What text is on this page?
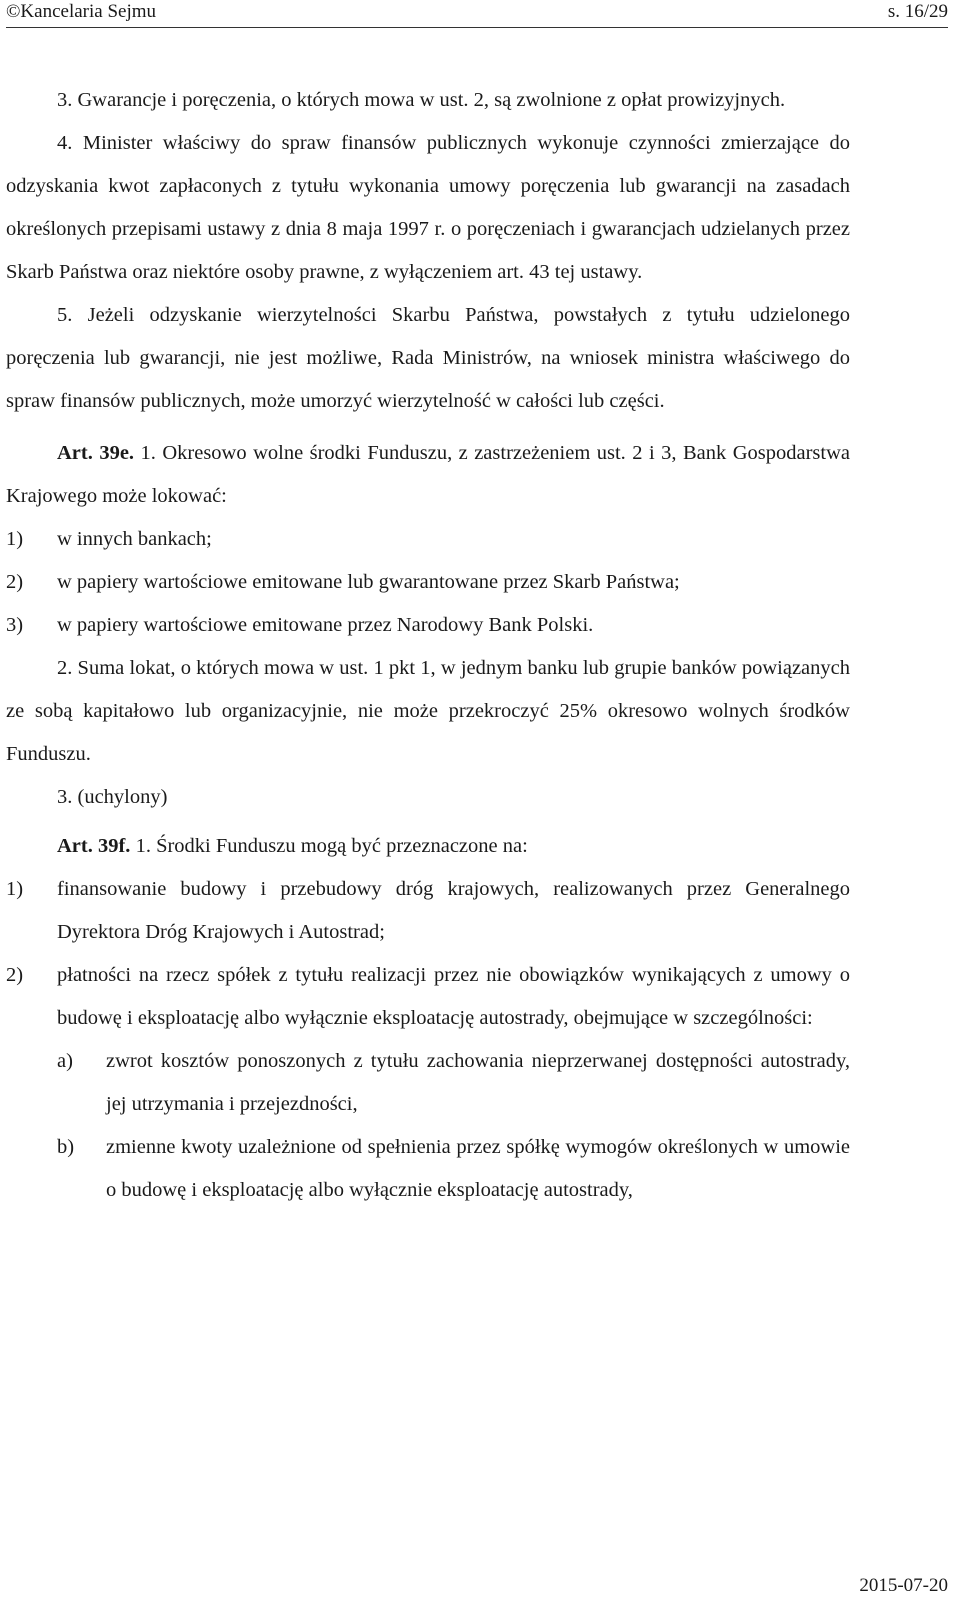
©Kancelaria Sejmu	s. 16/29

3. Gwarancje i poręczenia, o których mowa w ust. 2, są zwolnione z opłat prowizyjnych.

4. Minister właściwy do spraw finansów publicznych wykonuje czynności zmierzające do odzyskania kwot zapłaconych z tytułu wykonania umowy poręczenia lub gwarancji na zasadach określonych przepisami ustawy z dnia 8 maja 1997 r. o poręczeniach i gwarancjach udzielanych przez Skarb Państwa oraz niektóre osoby prawne, z wyłączeniem art. 43 tej ustawy.

5. Jeżeli odzyskanie wierzytelności Skarbu Państwa, powstałych z tytułu udzielonego poręczenia lub gwarancji, nie jest możliwe, Rada Ministrów, na wniosek ministra właściwego do spraw finansów publicznych, może umorzyć wierzytelność w całości lub części.

Art. 39e. 1. Okresowo wolne środki Funduszu, z zastrzeżeniem ust. 2 i 3, Bank Gospodarstwa Krajowego może lokować:

1) w innych bankach;

2) w papiery wartościowe emitowane lub gwarantowane przez Skarb Państwa;

3) w papiery wartościowe emitowane przez Narodowy Bank Polski.

2. Suma lokat, o których mowa w ust. 1 pkt 1, w jednym banku lub grupie banków powiązanych ze sobą kapitałowo lub organizacyjnie, nie może przekroczyć 25% okresowo wolnych środków Funduszu.

3. (uchylony)

Art. 39f. 1. Środki Funduszu mogą być przeznaczone na:

1) finansowanie budowy i przebudowy dróg krajowych, realizowanych przez Generalnego Dyrektora Dróg Krajowych i Autostrad;

2) płatności na rzecz spółek z tytułu realizacji przez nie obowiązków wynikających z umowy o budowę i eksploatację albo wyłącznie eksploatację autostrady, obejmujące w szczególności:

a) zwrot kosztów ponoszonych z tytułu zachowania nieprzerwanej dostępności autostrady, jej utrzymania i przejezdności,

b) zmienne kwoty uzależnione od spełnienia przez spółkę wymogów określonych w umowie o budowę i eksploatację albo wyłącznie eksploatację autostrady,

2015-07-20
